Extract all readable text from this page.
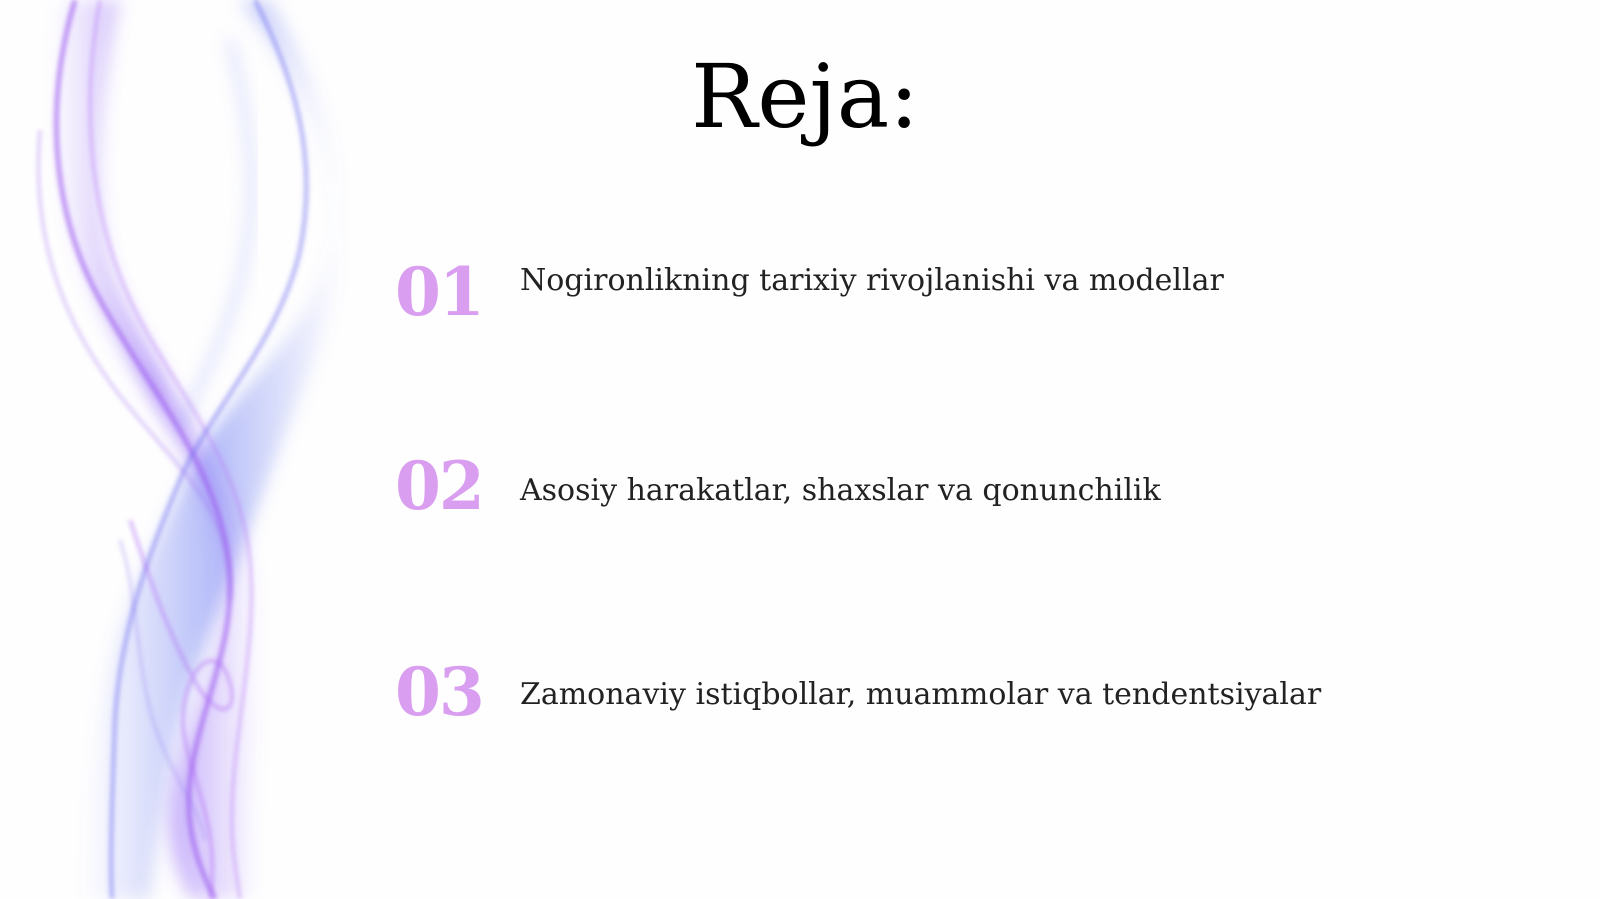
Reja:
01	Nogironlikning tarixiy rivojlanishi va modellar
02	Asosiy harakatlar, shaxslar va qonunchilik
03	Zamonaviy istiqbollar, muammolar va tendentsiyalar
